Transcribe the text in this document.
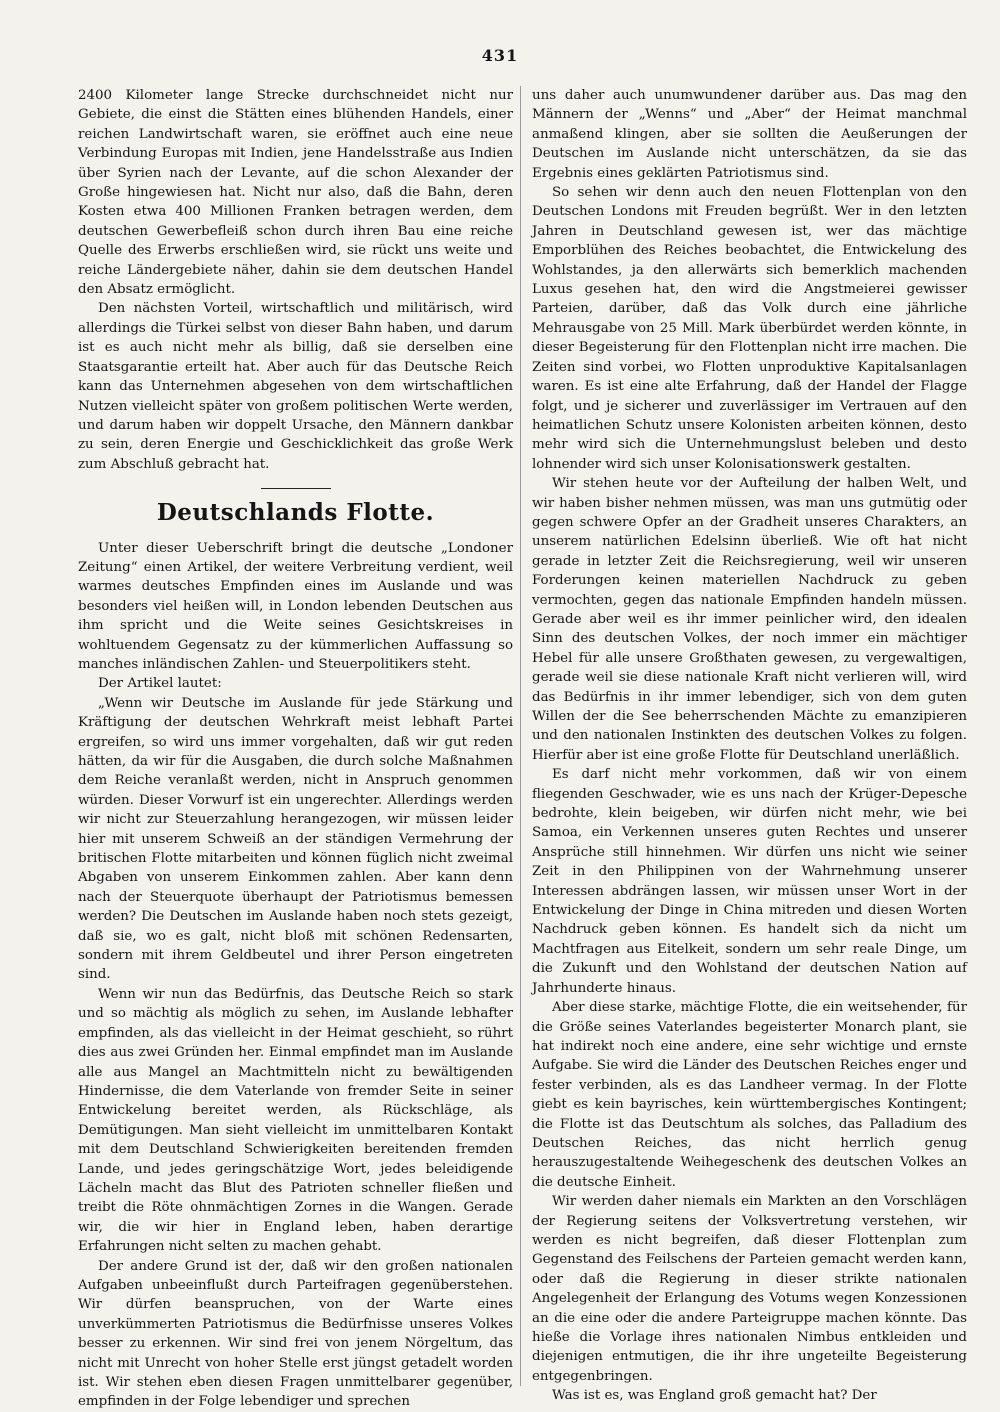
431

2400 Kilometer lange Strecke durchschneidet nicht nur Gebiete, die einst die Stätten eines blühenden Handels, einer reichen Landwirtschaft waren, sie eröffnet auch eine neue Verbindung Europas mit Indien, jene Handelsstraße aus Indien über Syrien nach der Levante, auf die schon Alexander der Große hingewiesen hat. Nicht nur also, daß die Bahn, deren Kosten etwa 400 Millionen Franken betragen werden, dem deutschen Gewerbefleiß schon durch ihren Bau eine reiche Quelle des Erwerbs erschließen wird, sie rückt uns weite und reiche Ländergebiete näher, dahin sie dem deutschen Handel den Absatz ermöglicht.

Den nächsten Vorteil, wirtschaftlich und militärisch, wird allerdings die Türkei selbst von dieser Bahn haben, und darum ist es auch nicht mehr als billig, daß sie derselben eine Staatsgarantie erteilt hat. Aber auch für das Deutsche Reich kann das Unternehmen abgesehen von dem wirtschaftlichen Nutzen vielleicht später von großem politischen Werte werden, und darum haben wir doppelt Ursache, den Männern dankbar zu sein, deren Energie und Geschicklichkeit das große Werk zum Abschluß gebracht hat.

Deutschlands Flotte.

Unter dieser Ueberschrift bringt die deutsche „Londoner Zeitung“ einen Artikel, der weitere Verbreitung verdient, weil warmes deutsches Empfinden eines im Auslande und was besonders viel heißen will, in London lebenden Deutschen aus ihm spricht und die Weite seines Gesichtskreises in wohltuendem Gegensatz zu der kümmerlichen Auffassung so manches inländischen Zahlen- und Steuerpolitikers steht.

Der Artikel lautet:

„Wenn wir Deutsche im Auslande für jede Stärkung und Kräftigung der deutschen Wehrkraft meist lebhaft Partei ergreifen, so wird uns immer vorgehalten, daß wir gut reden hätten, da wir für die Ausgaben, die durch solche Maßnahmen dem Reiche veranlaßt werden, nicht in Anspruch genommen würden. Dieser Vorwurf ist ein ungerechter. Allerdings werden wir nicht zur Steuerzahlung herangezogen, wir müssen leider hier mit unserem Schweiß an der ständigen Vermehrung der britischen Flotte mitarbeiten und können füglich nicht zweimal Abgaben von unserem Einkommen zahlen. Aber kann denn nach der Steuerquote überhaupt der Patriotismus bemessen werden? Die Deutschen im Auslande haben noch stets gezeigt, daß sie, wo es galt, nicht bloß mit schönen Redensarten, sondern mit ihrem Geldbeutel und ihrer Person eingetreten sind.

Wenn wir nun das Bedürfnis, das Deutsche Reich so stark und so mächtig als möglich zu sehen, im Auslande lebhafter empfinden, als das vielleicht in der Heimat geschieht, so rührt dies aus zwei Gründen her. Einmal empfindet man im Auslande alle aus Mangel an Machtmitteln nicht zu bewältigenden Hindernisse, die dem Vaterlande von fremder Seite in seiner Entwickelung bereitet werden, als Rückschläge, als Demütigungen. Man sieht vielleicht im unmittelbaren Kontakt mit dem Deutschland Schwierigkeiten bereitenden fremden Lande, und jedes geringschätzige Wort, jedes beleidigende Lächeln macht das Blut des Patrioten schneller fließen und treibt die Röte ohnmächtigen Zornes in die Wangen. Gerade wir, die wir hier in England leben, haben derartige Erfahrungen nicht selten zu machen gehabt.

Der andere Grund ist der, daß wir den großen nationalen Aufgaben unbeeinflußt durch Parteifragen gegenüberstehen. Wir dürfen beanspruchen, von der Warte eines unverkümmerten Patriotismus die Bedürfnisse unseres Volkes besser zu erkennen. Wir sind frei von jenem Nörgeltum, das nicht mit Unrecht von hoher Stelle erst jüngst getadelt worden ist. Wir stehen eben diesen Fragen unmittelbarer gegenüber, empfinden in der Folge lebendiger und sprechen

uns daher auch unumwundener darüber aus. Das mag den Männern der „Wenns“ und „Aber“ der Heimat manchmal anmaßend klingen, aber sie sollten die Aeußerungen der Deutschen im Auslande nicht unterschätzen, da sie das Ergebnis eines geklärten Patriotismus sind.

So sehen wir denn auch den neuen Flottenplan von den Deutschen Londons mit Freuden begrüßt. Wer in den letzten Jahren in Deutschland gewesen ist, wer das mächtige Emporblühen des Reiches beobachtet, die Entwickelung des Wohlstandes, ja den allerwärts sich bemerklich machenden Luxus gesehen hat, den wird die Angstmeierei gewisser Parteien, darüber, daß das Volk durch eine jährliche Mehrausgabe von 25 Mill. Mark überbürdet werden könnte, in dieser Begeisterung für den Flottenplan nicht irre machen. Die Zeiten sind vorbei, wo Flotten unproduktive Kapitalsanlagen waren. Es ist eine alte Erfahrung, daß der Handel der Flagge folgt, und je sicherer und zuverlässiger im Vertrauen auf den heimatlichen Schutz unsere Kolonisten arbeiten können, desto mehr wird sich die Unternehmungslust beleben und desto lohnender wird sich unser Kolonisationswerk gestalten.

Wir stehen heute vor der Aufteilung der halben Welt, und wir haben bisher nehmen müssen, was man uns gutmütig oder gegen schwere Opfer an der Gradheit unseres Charakters, an unserem natürlichen Edelsinn überließ. Wie oft hat nicht gerade in letzter Zeit die Reichsregierung, weil wir unseren Forderungen keinen materiellen Nachdruck zu geben vermochten, gegen das nationale Empfinden handeln müssen. Gerade aber weil es ihr immer peinlicher wird, den idealen Sinn des deutschen Volkes, der noch immer ein mächtiger Hebel für alle unsere Großthaten gewesen, zu vergewaltigen, gerade weil sie diese nationale Kraft nicht verlieren will, wird das Bedürfnis in ihr immer lebendiger, sich von dem guten Willen der die See beherrschenden Mächte zu emanzipieren und den nationalen Instinkten des deutschen Volkes zu folgen. Hierfür aber ist eine große Flotte für Deutschland unerläßlich.

Es darf nicht mehr vorkommen, daß wir von einem fliegenden Geschwader, wie es uns nach der Krüger-Depesche bedrohte, klein beigeben, wir dürfen nicht mehr, wie bei Samoa, ein Verkennen unseres guten Rechtes und unserer Ansprüche still hinnehmen. Wir dürfen uns nicht wie seiner Zeit in den Philippinen von der Wahrnehmung unserer Interessen abdrängen lassen, wir müssen unser Wort in der Entwickelung der Dinge in China mitreden und diesen Worten Nachdruck geben können. Es handelt sich da nicht um Machtfragen aus Eitelkeit, sondern um sehr reale Dinge, um die Zukunft und den Wohlstand der deutschen Nation auf Jahrhunderte hinaus.

Aber diese starke, mächtige Flotte, die ein weitsehender, für die Größe seines Vaterlandes begeisterter Monarch plant, sie hat indirekt noch eine andere, eine sehr wichtige und ernste Aufgabe. Sie wird die Länder des Deutschen Reiches enger und fester verbinden, als es das Landheer vermag. In der Flotte giebt es kein bayrisches, kein württembergisches Kontingent; die Flotte ist das Deutschtum als solches, das Palladium des Deutschen Reiches, das nicht herrlich genug herauszugestaltende Weihegeschenk des deutschen Volkes an die deutsche Einheit.

Wir werden daher niemals ein Markten an den Vorschlägen der Regierung seitens der Volksvertretung verstehen, wir werden es nicht begreifen, daß dieser Flottenplan zum Gegenstand des Feilschens der Parteien gemacht werden kann, oder daß die Regierung in dieser strikte nationalen Angelegenheit der Erlangung des Votums wegen Konzessionen an die eine oder die andere Parteigruppe machen könnte. Das hieße die Vorlage ihres nationalen Nimbus entkleiden und diejenigen entmutigen, die ihr ihre ungeteilte Begeisterung entgegenbringen.

Was ist es, was England groß gemacht hat? Der
